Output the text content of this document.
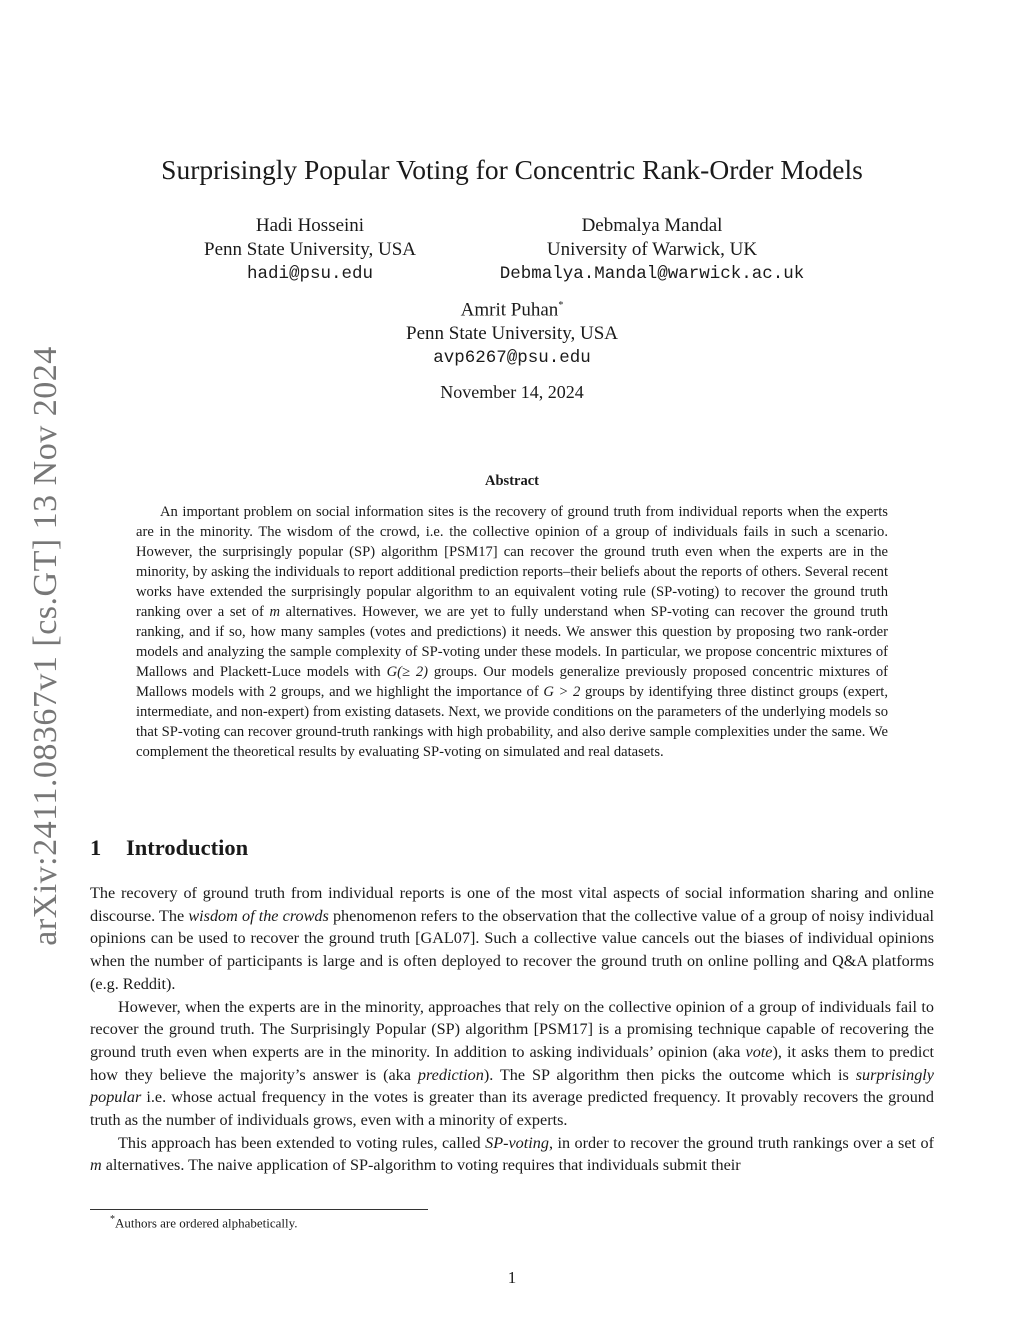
arXiv:2411.08367v1 [cs.GT] 13 Nov 2024
Surprisingly Popular Voting for Concentric Rank-Order Models
Hadi Hosseini
Penn State University, USA
hadi@psu.edu
Debmalya Mandal
University of Warwick, UK
Debmalya.Mandal@warwick.ac.uk
Amrit Puhan*
Penn State University, USA
avp6267@psu.edu
November 14, 2024
Abstract

An important problem on social information sites is the recovery of ground truth from individual reports when the experts are in the minority. The wisdom of the crowd, i.e. the collective opinion of a group of individuals fails in such a scenario. However, the surprisingly popular (SP) algorithm [PSM17] can recover the ground truth even when the experts are in the minority, by asking the individuals to report additional prediction reports–their beliefs about the reports of others. Several recent works have extended the surprisingly popular algorithm to an equivalent voting rule (SP-voting) to recover the ground truth ranking over a set of m alternatives. However, we are yet to fully understand when SP-voting can recover the ground truth ranking, and if so, how many samples (votes and predictions) it needs. We answer this question by proposing two rank-order models and analyzing the sample complexity of SP-voting under these models. In particular, we propose concentric mixtures of Mallows and Plackett-Luce models with G(≥ 2) groups. Our models generalize previously proposed concentric mixtures of Mallows models with 2 groups, and we highlight the importance of G > 2 groups by identifying three distinct groups (expert, intermediate, and non-expert) from existing datasets. Next, we provide conditions on the parameters of the underlying models so that SP-voting can recover ground-truth rankings with high probability, and also derive sample complexities under the same. We complement the theoretical results by evaluating SP-voting on simulated and real datasets.

1 Introduction

The recovery of ground truth from individual reports is one of the most vital aspects of social information sharing and online discourse. The wisdom of the crowds phenomenon refers to the observation that the collective value of a group of noisy individual opinions can be used to recover the ground truth [GAL07]. Such a collective value cancels out the biases of individual opinions when the number of participants is large and is often deployed to recover the ground truth on online polling and Q&A platforms (e.g. Reddit).

However, when the experts are in the minority, approaches that rely on the collective opinion of a group of individuals fail to recover the ground truth. The Surprisingly Popular (SP) algorithm [PSM17] is a promising technique capable of recovering the ground truth even when experts are in the minority. In addition to asking individuals’ opinion (aka vote), it asks them to predict how they believe the majority’s answer is (aka prediction). The SP algorithm then picks the outcome which is surprisingly popular i.e. whose actual frequency in the votes is greater than its average predicted frequency. It provably recovers the ground truth as the number of individuals grows, even with a minority of experts.

This approach has been extended to voting rules, called SP-voting, in order to recover the ground truth rankings over a set of m alternatives. The naive application of SP-algorithm to voting requires that individuals submit their

*Authors are ordered alphabetically.
1
